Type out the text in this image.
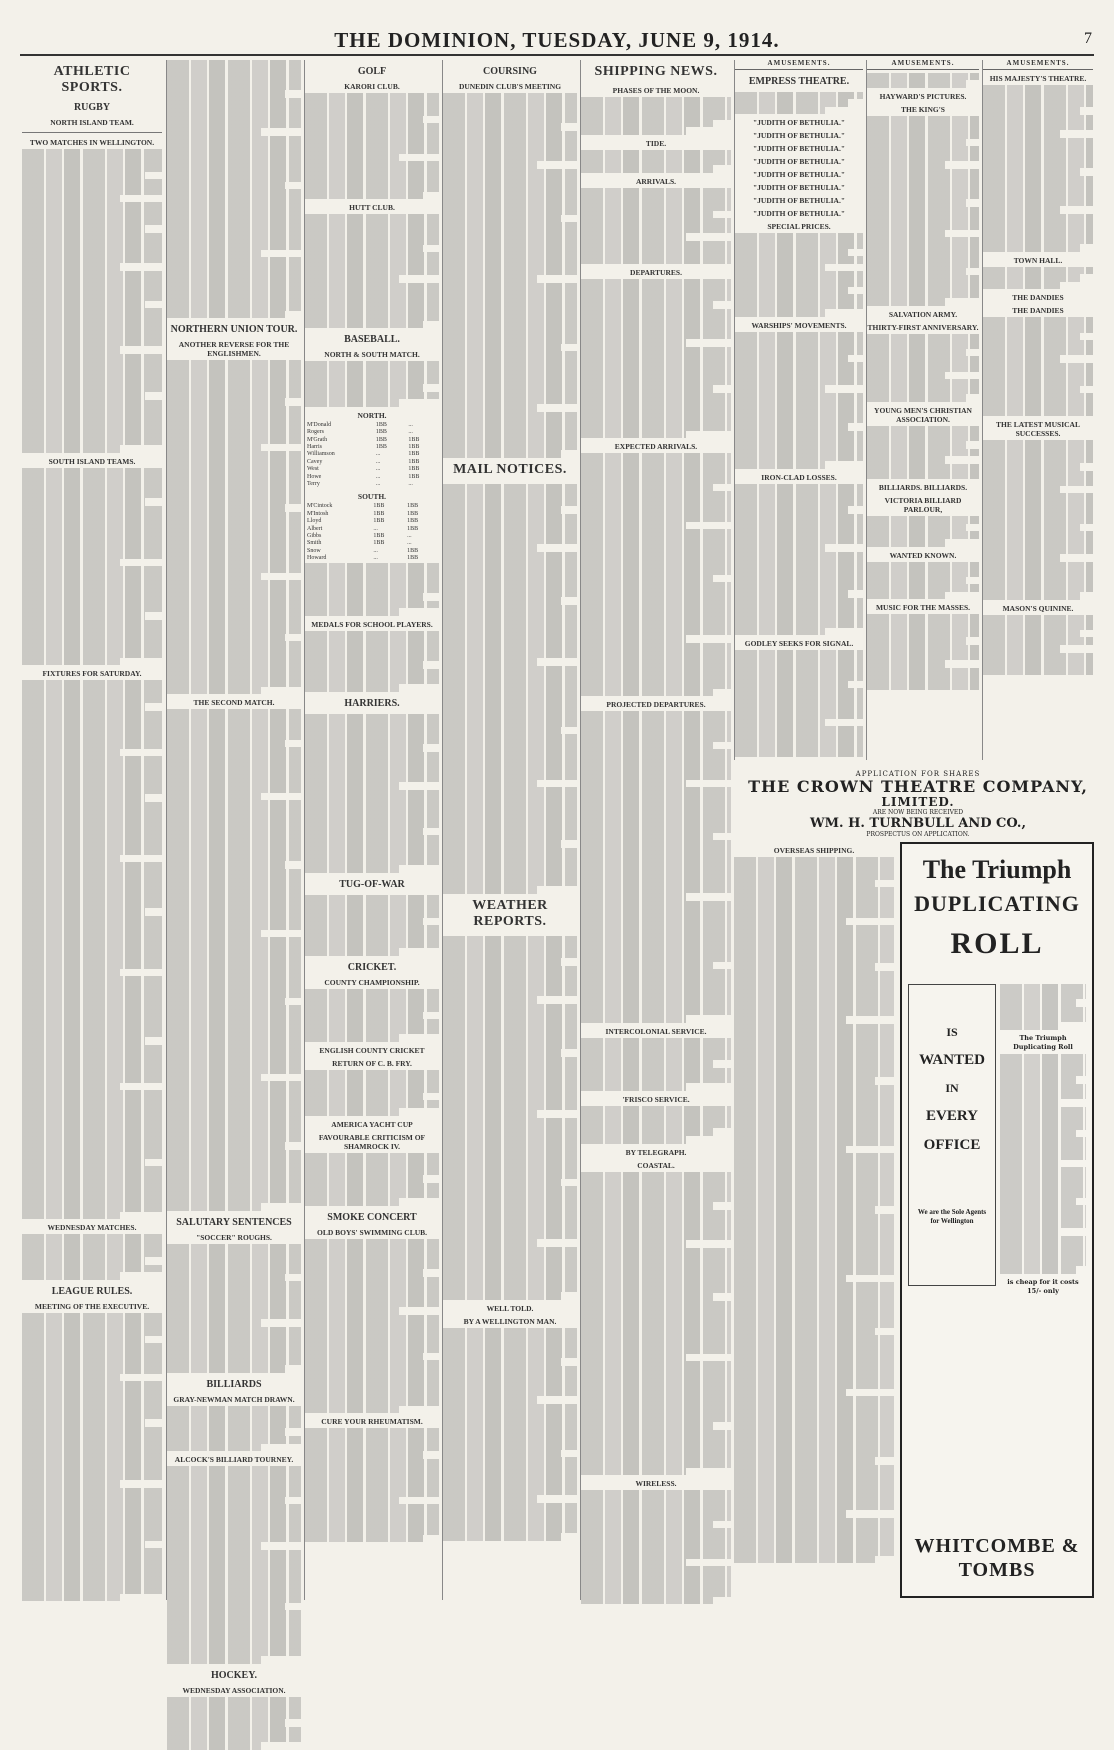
THE DOMINION, TUESDAY, JUNE 9, 1914.	7
ATHLETIC SPORTS.
RUGBY
NORTH ISLAND TEAM.
TWO MATCHES IN WELLINGTON.
SOUTH ISLAND TEAMS.
FIXTURES FOR SATURDAY.
WEDNESDAY MATCHES.
LEAGUE RULES.
MEETING OF THE EXECUTIVE.
NORTHERN UNION TOUR.
ANOTHER REVERSE FOR THE ENGLISHMEN.
THE SECOND MATCH.
SALUTARY SENTENCES
"SOCCER" ROUGHS.
BILLIARDS
GRAY-NEWMAN MATCH DRAWN.
ALCOCK'S BILLIARD TOURNEY.
HOCKEY.
WEDNESDAY ASSOCIATION.
GOLF
KARORI CLUB.
HUTT CLUB.
BASEBALL.
NORTH & SOUTH MATCH.
NORTH.
M'Donald	1BB	...
Rogers	1BB	...
M'Grath	1BB	1BB
Harris	1BB	1BB
Williamson	...	1BB
Cavey	...	1BB
West	...	1BB
Howe	...	1BB
Terry	...	...
SOUTH.
M'Cintock	1BB	1BB
M'Intosh	1BB	1BB
Lloyd	1BB	1BB
Albert	...	1BB
Gibbs	1BB	...
Smith	1BB	...
Snow	...	1BB
Howard	...	1BB
MEDALS FOR SCHOOL PLAYERS.
HARRIERS.
TUG-OF-WAR
CRICKET.
COUNTY CHAMPIONSHIP.
ENGLISH COUNTY CRICKET
RETURN OF C. B. FRY.
AMERICA YACHT CUP
FAVOURABLE CRITICISM OF SHAMROCK IV.
SMOKE CONCERT
OLD BOYS' SWIMMING CLUB.
CURE YOUR RHEUMATISM.
COURSING
DUNEDIN CLUB'S MEETING
MAIL NOTICES.
WEATHER REPORTS.
WELL TOLD.
BY A WELLINGTON MAN.
SHIPPING NEWS.
PHASES OF THE MOON.
TIDE.
ARRIVALS.
DEPARTURES.
EXPECTED ARRIVALS.
PROJECTED DEPARTURES.
INTERCOLONIAL SERVICE.
'FRISCO SERVICE.
BY TELEGRAPH.
COASTAL.
WIRELESS.
AMUSEMENTS.
EMPRESS THEATRE.
"JUDITH OF BETHULIA."
"JUDITH OF BETHULIA."
"JUDITH OF BETHULIA."
"JUDITH OF BETHULIA."
"JUDITH OF BETHULIA."
"JUDITH OF BETHULIA."
"JUDITH OF BETHULIA."
"JUDITH OF BETHULIA."
SPECIAL PRICES.
WARSHIPS' MOVEMENTS.
IRON-CLAD LOSSES.
GODLEY SEEKS FOR SIGNAL.
AMUSEMENTS.
HAYWARD'S PICTURES.
THE KING'S
SALVATION ARMY.
THIRTY-FIRST ANNIVERSARY.
YOUNG MEN'S CHRISTIAN ASSOCIATION.
BILLIARDS. BILLIARDS.
VICTORIA BILLIARD PARLOUR,
WANTED KNOWN.
MUSIC FOR THE MASSES.
AMUSEMENTS.
HIS MAJESTY'S THEATRE.
TOWN HALL.
THE DANDIES
THE DANDIES
THE LATEST MUSICAL SUCCESSES.
MASON'S QUININE.
APPLICATION FOR SHARES
THE CROWN THEATRE COMPANY,
LIMITED.
ARE NOW BEING RECEIVED
WM. H. TURNBULL AND CO.,
PROSPECTUS ON APPLICATION.
OVERSEAS SHIPPING.
The Triumph
DUPLICATING
ROLL
IS
WANTED
IN
EVERY
OFFICE
We are the Sole Agents for Wellington
The Triumph Duplicating Roll
is cheap for it costs 15/- only
WHITCOMBE & TOMBS
